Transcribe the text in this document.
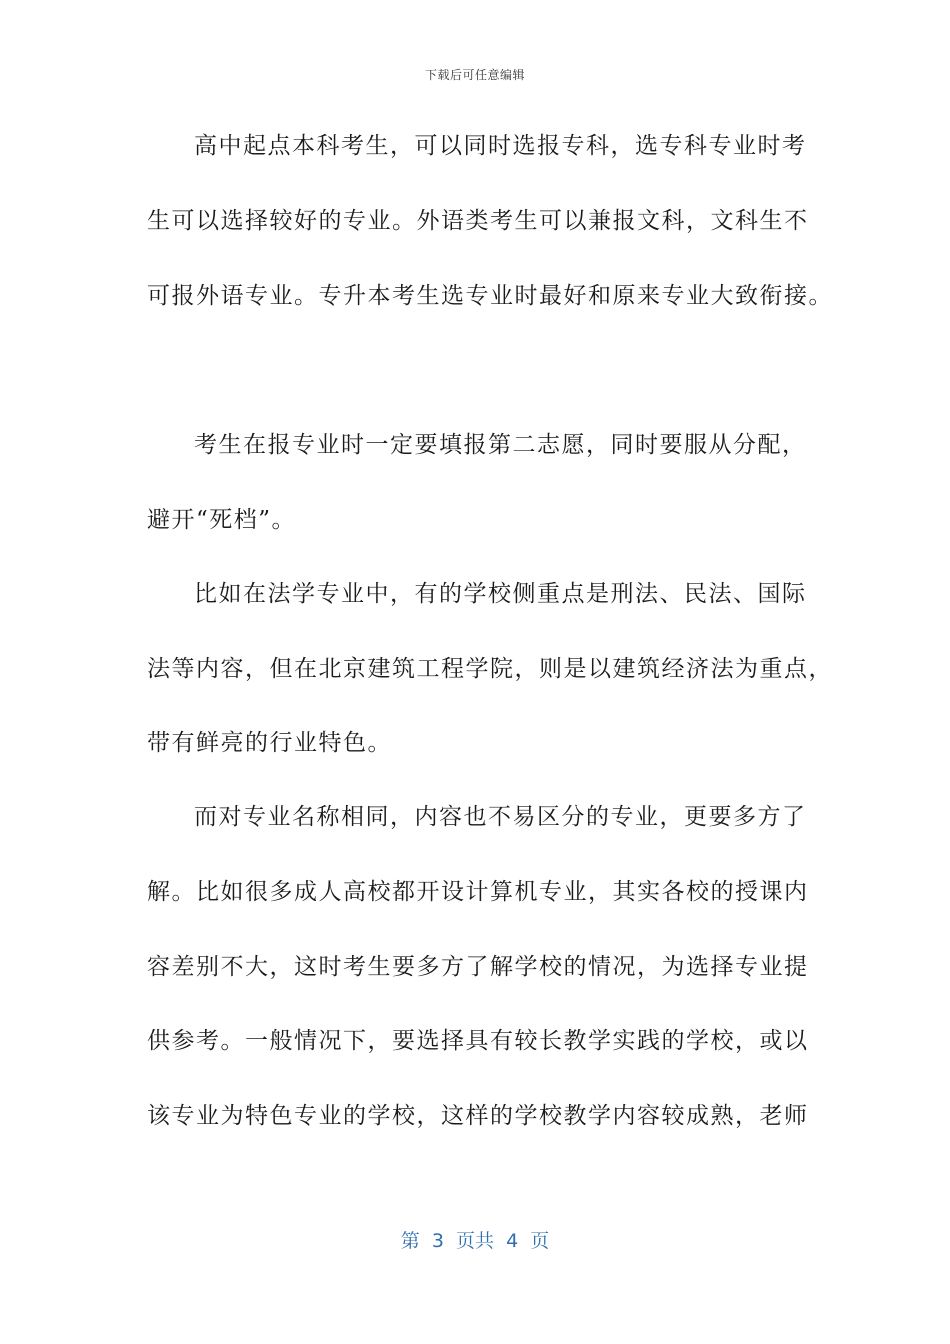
下载后可任意编辑
高中起点本科考生，可以同时选报专科，选专科专业时考
生可以选择较好的专业。外语类考生可以兼报文科，文科生不
可报外语专业。专升本考生选专业时最好和原来专业大致衔接。
考生在报专业时一定要填报第二志愿，同时要服从分配，
避开“死档”。
比如在法学专业中，有的学校侧重点是刑法、民法、国际
法等内容，但在北京建筑工程学院，则是以建筑经济法为重点，
带有鲜亮的行业特色。
而对专业名称相同，内容也不易区分的专业，更要多方了
解。比如很多成人高校都开设计算机专业，其实各校的授课内
容差别不大，这时考生要多方了解学校的情况，为选择专业提
供参考。一般情况下，要选择具有较长教学实践的学校，或以
该专业为特色专业的学校，这样的学校教学内容较成熟，老师
第  3  页共  4  页
